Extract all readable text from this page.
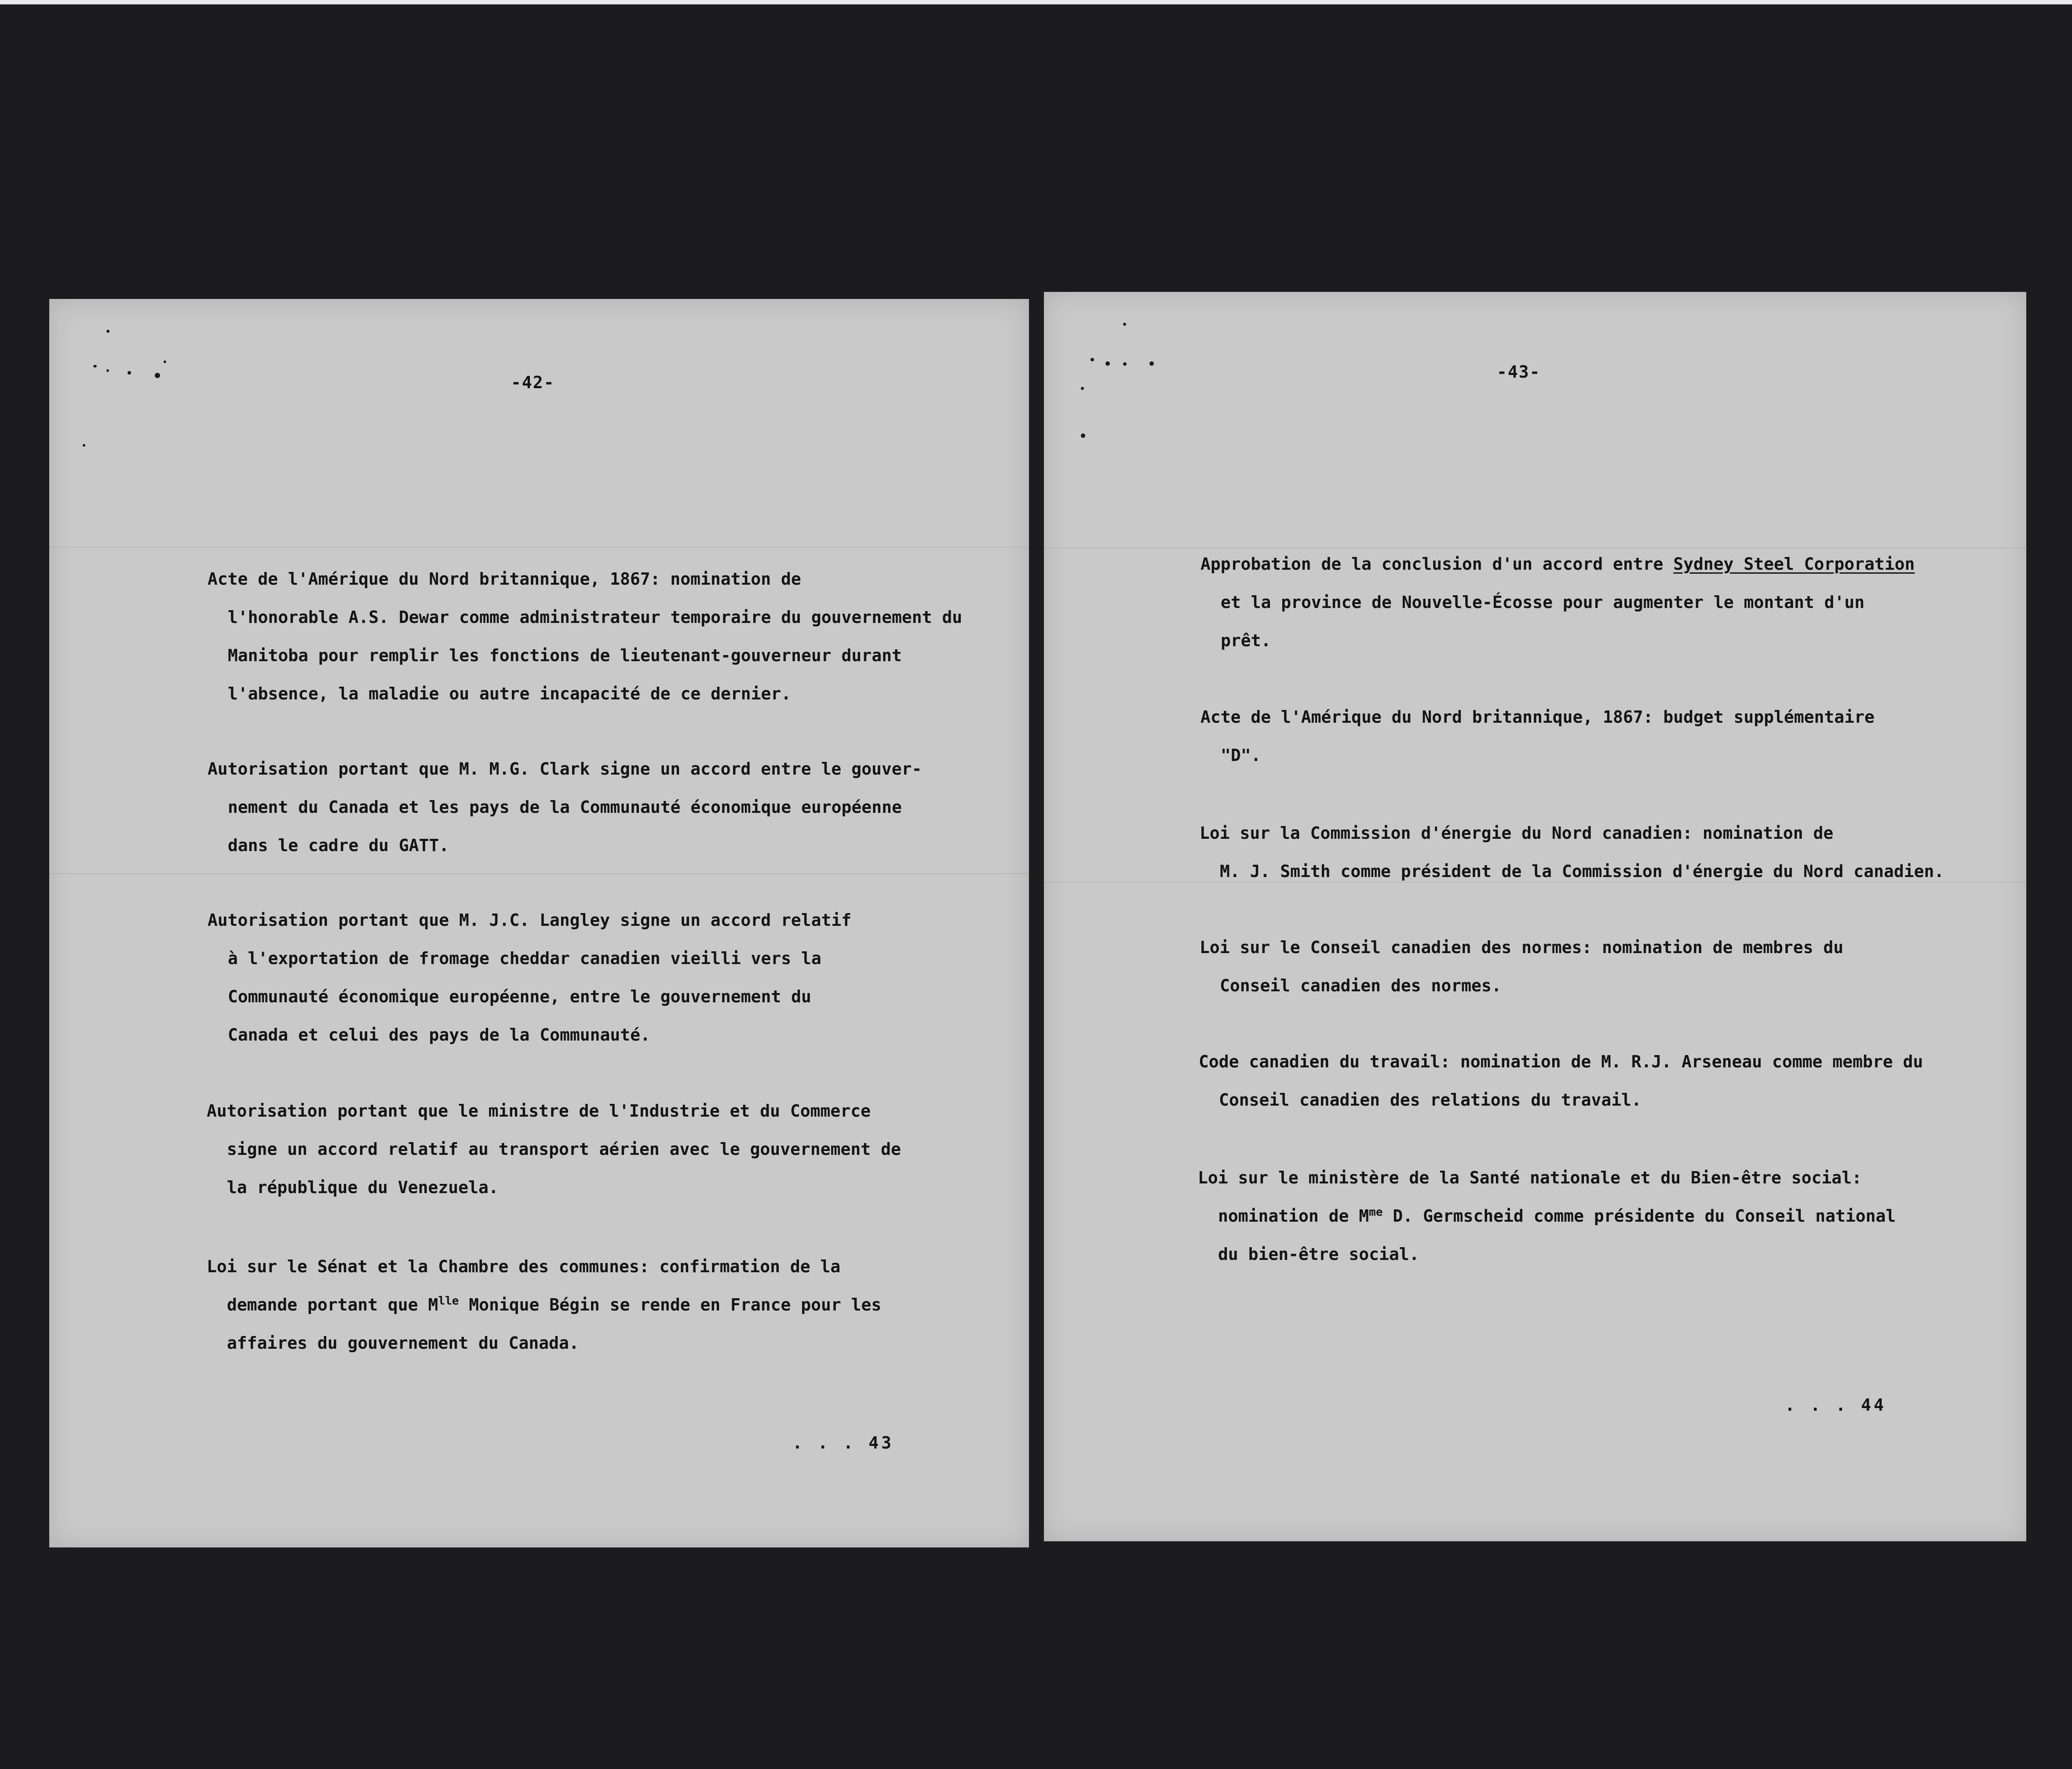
-42-
Acte de l'Amérique du Nord britannique, 1867: nomination de
l'honorable A.S. Dewar comme administrateur temporaire du gouvernement du
Manitoba pour remplir les fonctions de lieutenant-gouverneur durant
l'absence, la maladie ou autre incapacité de ce dernier.
Autorisation portant que M. M.G. Clark signe un accord entre le gouver-
nement du Canada et les pays de la Communauté économique européenne
dans le cadre du GATT.
Autorisation portant que M. J.C. Langley signe un accord relatif
à l'exportation de fromage cheddar canadien vieilli vers la
Communauté économique européenne, entre le gouvernement du
Canada et celui des pays de la Communauté.
Autorisation portant que le ministre de l'Industrie et du Commerce
signe un accord relatif au transport aérien avec le gouvernement de
la république du Venezuela.
Loi sur le Sénat et la Chambre des communes: confirmation de la
demande portant que $M^{lle}$ Monique Bégin se rende en France pour les
affaires du gouvernement du Canada.
. . . 43
-43-
Approbation de la conclusion d'un accord entre Sydney Steel Corporation
et la province de Nouvelle-Écosse pour augmenter le montant d'un
prêt.
Acte de l'Amérique du Nord britannique, 1867: budget supplémentaire
"D".
Loi sur la Commission d'énergie du Nord canadien: nomination de
M. J. Smith comme président de la Commission d'énergie du Nord canadien.
Loi sur le Conseil canadien des normes: nomination de membres du
Conseil canadien des normes.
Code canadien du travail: nomination de M. R.J. Arseneau comme membre du
Conseil canadien des relations du travail.
Loi sur le ministère de la Santé nationale et du Bien-être social:
nomination de $M^{me}$ D. Germscheid comme présidente du Conseil national
du bien-être social.
. . . 44
